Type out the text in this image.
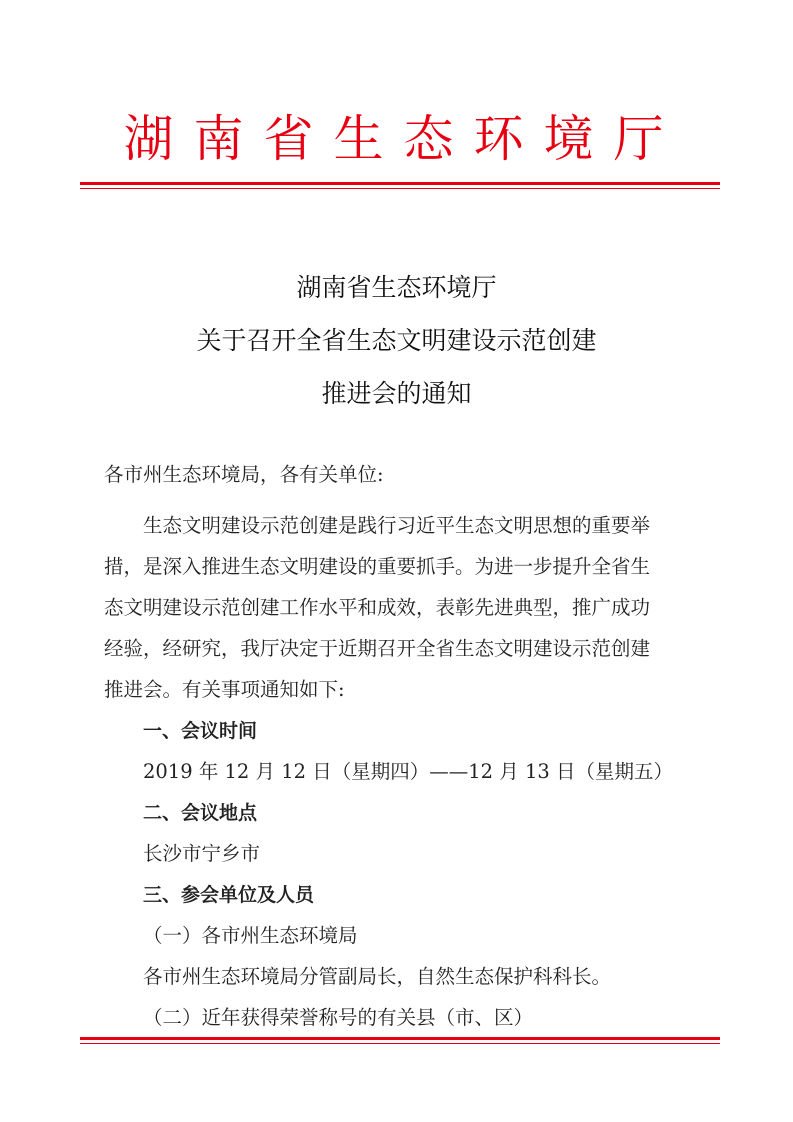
湖南省生态环境厅
湖南省生态环境厅
关于召开全省生态文明建设示范创建
推进会的通知
各市州生态环境局，各有关单位:
生态文明建设示范创建是践行习近平生态文明思想的重要举
措，是深入推进生态文明建设的重要抓手。为进一步提升全省生
态文明建设示范创建工作水平和成效，表彰先进典型，推广成功
经验，经研究，我厅决定于近期召开全省生态文明建设示范创建
推进会。有关事项通知如下:
一、会议时间
2019 年 12 月 12 日（星期四）——12 月 13 日（星期五）
二、会议地点
长沙市宁乡市
三、参会单位及人员
（一）各市州生态环境局
各市州生态环境局分管副局长，自然生态保护科科长。
（二）近年获得荣誉称号的有关县（市、区）
